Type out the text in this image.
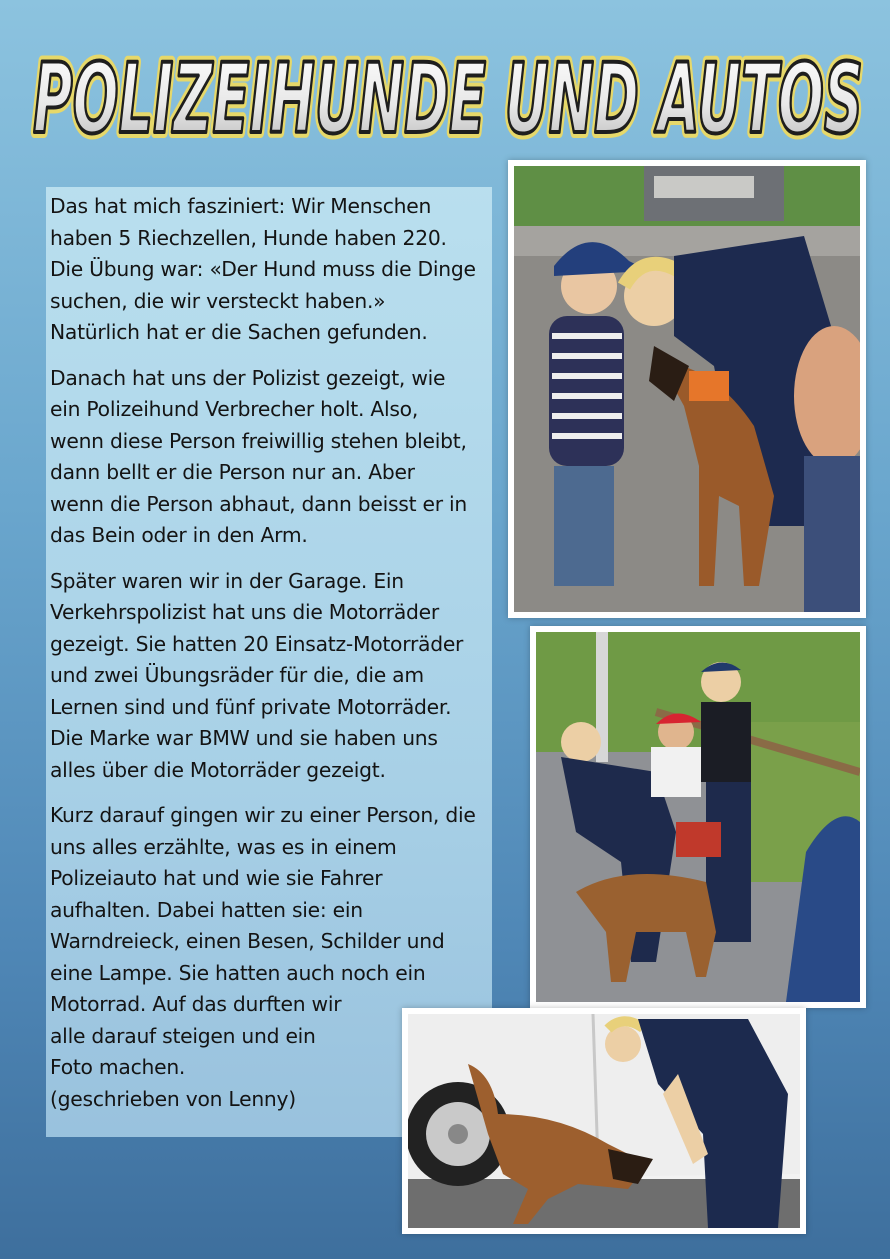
POLIZEIHUNDE UND AUTOS
POLIZEIHUNDE UND AUTOS

Das hat mich fasziniert: Wir Menschen
haben 5 Riechzellen, Hunde haben 220.
Die Übung war: «Der Hund muss die Dinge
suchen, die wir versteckt haben.»
Natürlich hat er die Sachen gefunden.

Danach hat uns der Polizist gezeigt, wie
ein Polizeihund Verbrecher holt. Also,
wenn diese Person freiwillig stehen bleibt,
dann bellt er die Person nur an. Aber
wenn die Person abhaut, dann beisst er in
das Bein oder in den Arm.

Später waren wir in der Garage. Ein
Verkehrspolizist hat uns die Motorräder
gezeigt. Sie hatten 20 Einsatz-Motorräder
und zwei Übungsräder für die, die am
Lernen sind und fünf private Motorräder.
Die Marke war BMW und sie haben uns
alles über die Motorräder gezeigt.

Kurz darauf gingen wir zu einer Person, die
uns alles erzählte, was es in einem
Polizeiauto hat und wie sie Fahrer
aufhalten. Dabei hatten sie: ein
Warndreieck, einen Besen, Schilder und
eine Lampe. Sie hatten auch noch ein
Motorrad. Auf das durften wir
alle darauf steigen und ein
Foto machen.
(geschrieben von Lenny)
